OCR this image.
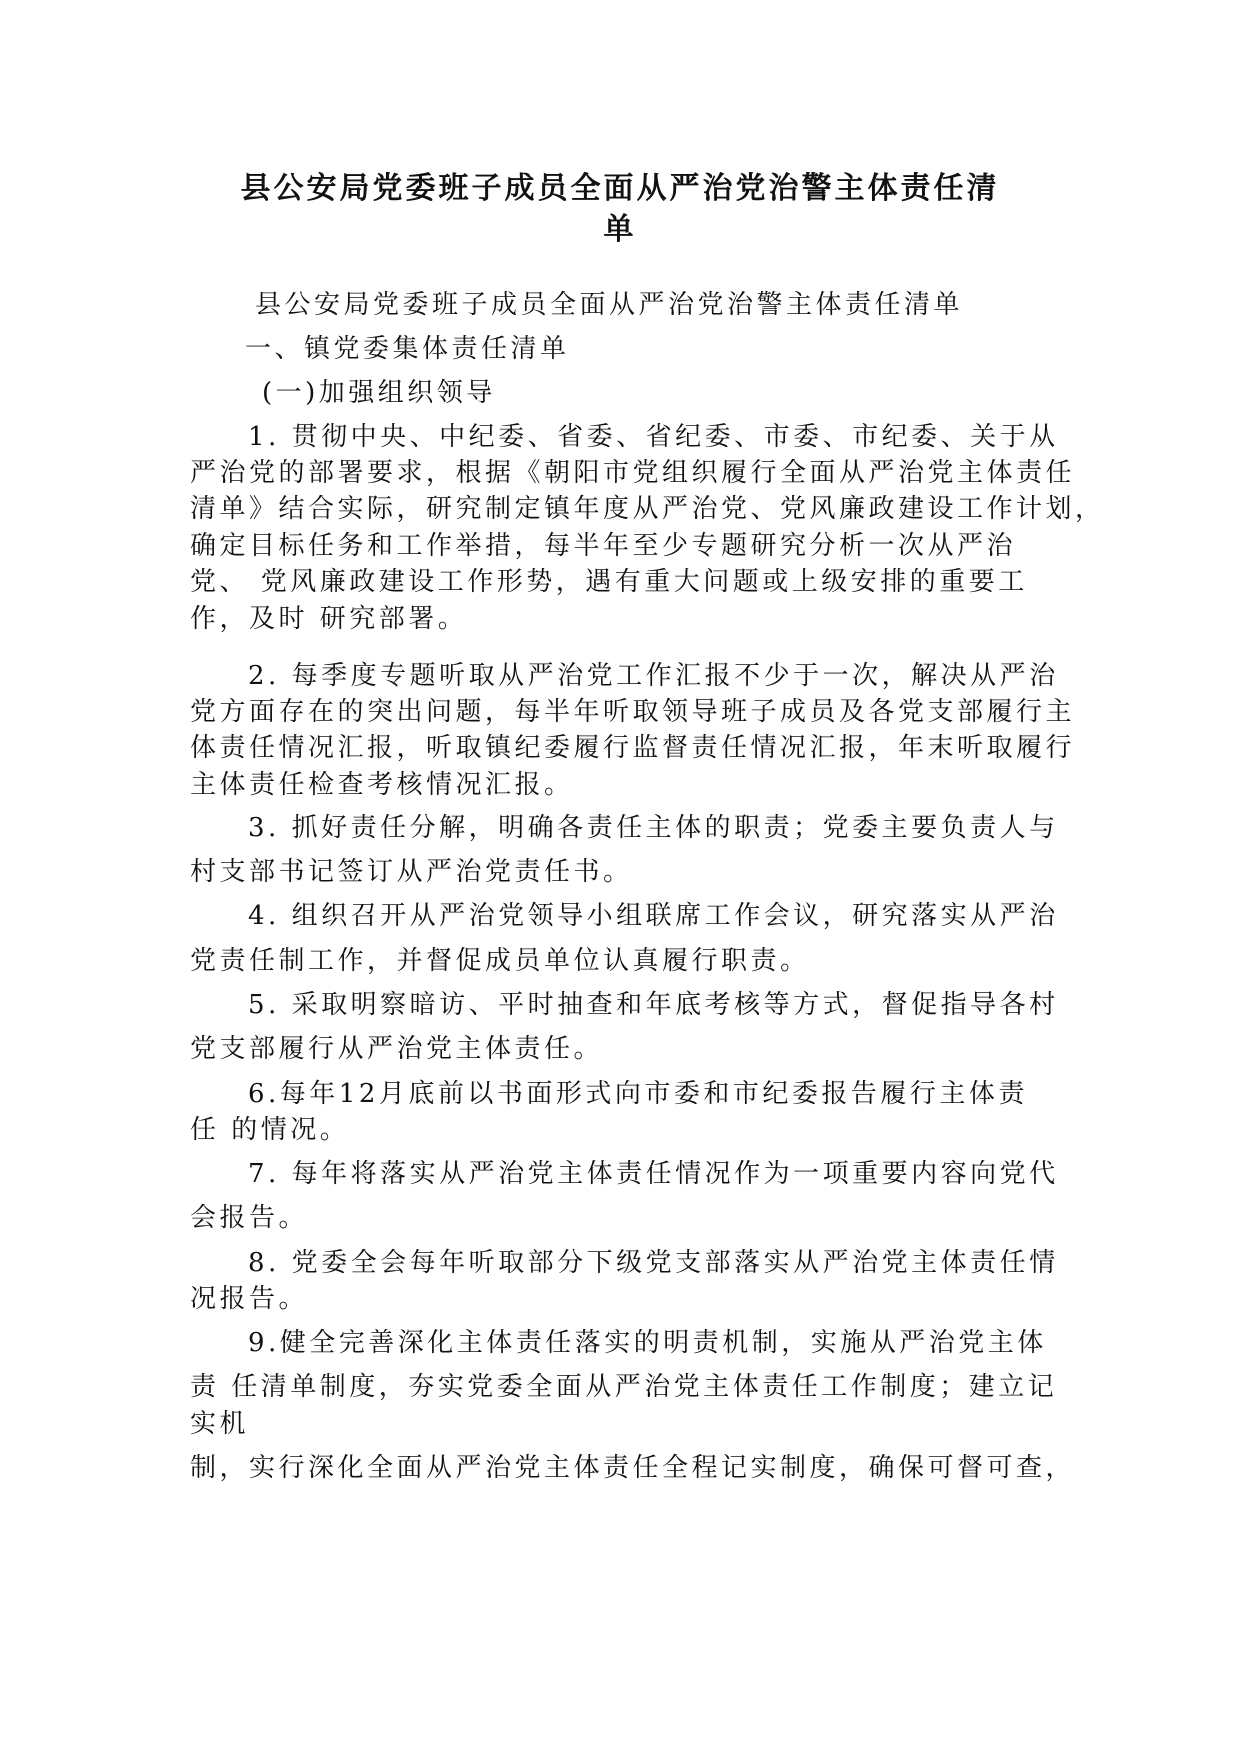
县公安局党委班子成员全面从严治党治警主体责任清
单
县公安局党委班子成员全面从严治党治警主体责任清单
一、镇党委集体责任清单
(一)加强组织领导
1. 贯彻中央、中纪委、省委、省纪委、市委、市纪委、关于从
严治党的部署要求，根据《朝阳市党组织履行全面从严治党主体责任
清单》结合实际，研究制定镇年度从严治党、党风廉政建设工作计划，
确定目标任务和工作举措，每半年至少专题研究分析一次从严治
党、 党风廉政建设工作形势，遇有重大问题或上级安排的重要工
作，及时 研究部署。
2. 每季度专题听取从严治党工作汇报不少于一次，解决从严治
党方面存在的突出问题，每半年听取领导班子成员及各党支部履行主
体责任情况汇报，听取镇纪委履行监督责任情况汇报，年末听取履行
主体责任检查考核情况汇报。
3. 抓好责任分解，明确各责任主体的职责；党委主要负责人与
村支部书记签订从严治党责任书。
4. 组织召开从严治党领导小组联席工作会议，研究落实从严治
党责任制工作，并督促成员单位认真履行职责。
5. 采取明察暗访、平时抽查和年底考核等方式，督促指导各村
党支部履行从严治党主体责任。
6.每年12月底前以书面形式向市委和市纪委报告履行主体责
任 的情况。
7. 每年将落实从严治党主体责任情况作为一项重要内容向党代
会报告。
8. 党委全会每年听取部分下级党支部落实从严治党主体责任情
况报告。
9.健全完善深化主体责任落实的明责机制，实施从严治党主体
责 任清单制度，夯实党委全面从严治党主体责任工作制度；建立记
实机
制，实行深化全面从严治党主体责任全程记实制度，确保可督可查，
